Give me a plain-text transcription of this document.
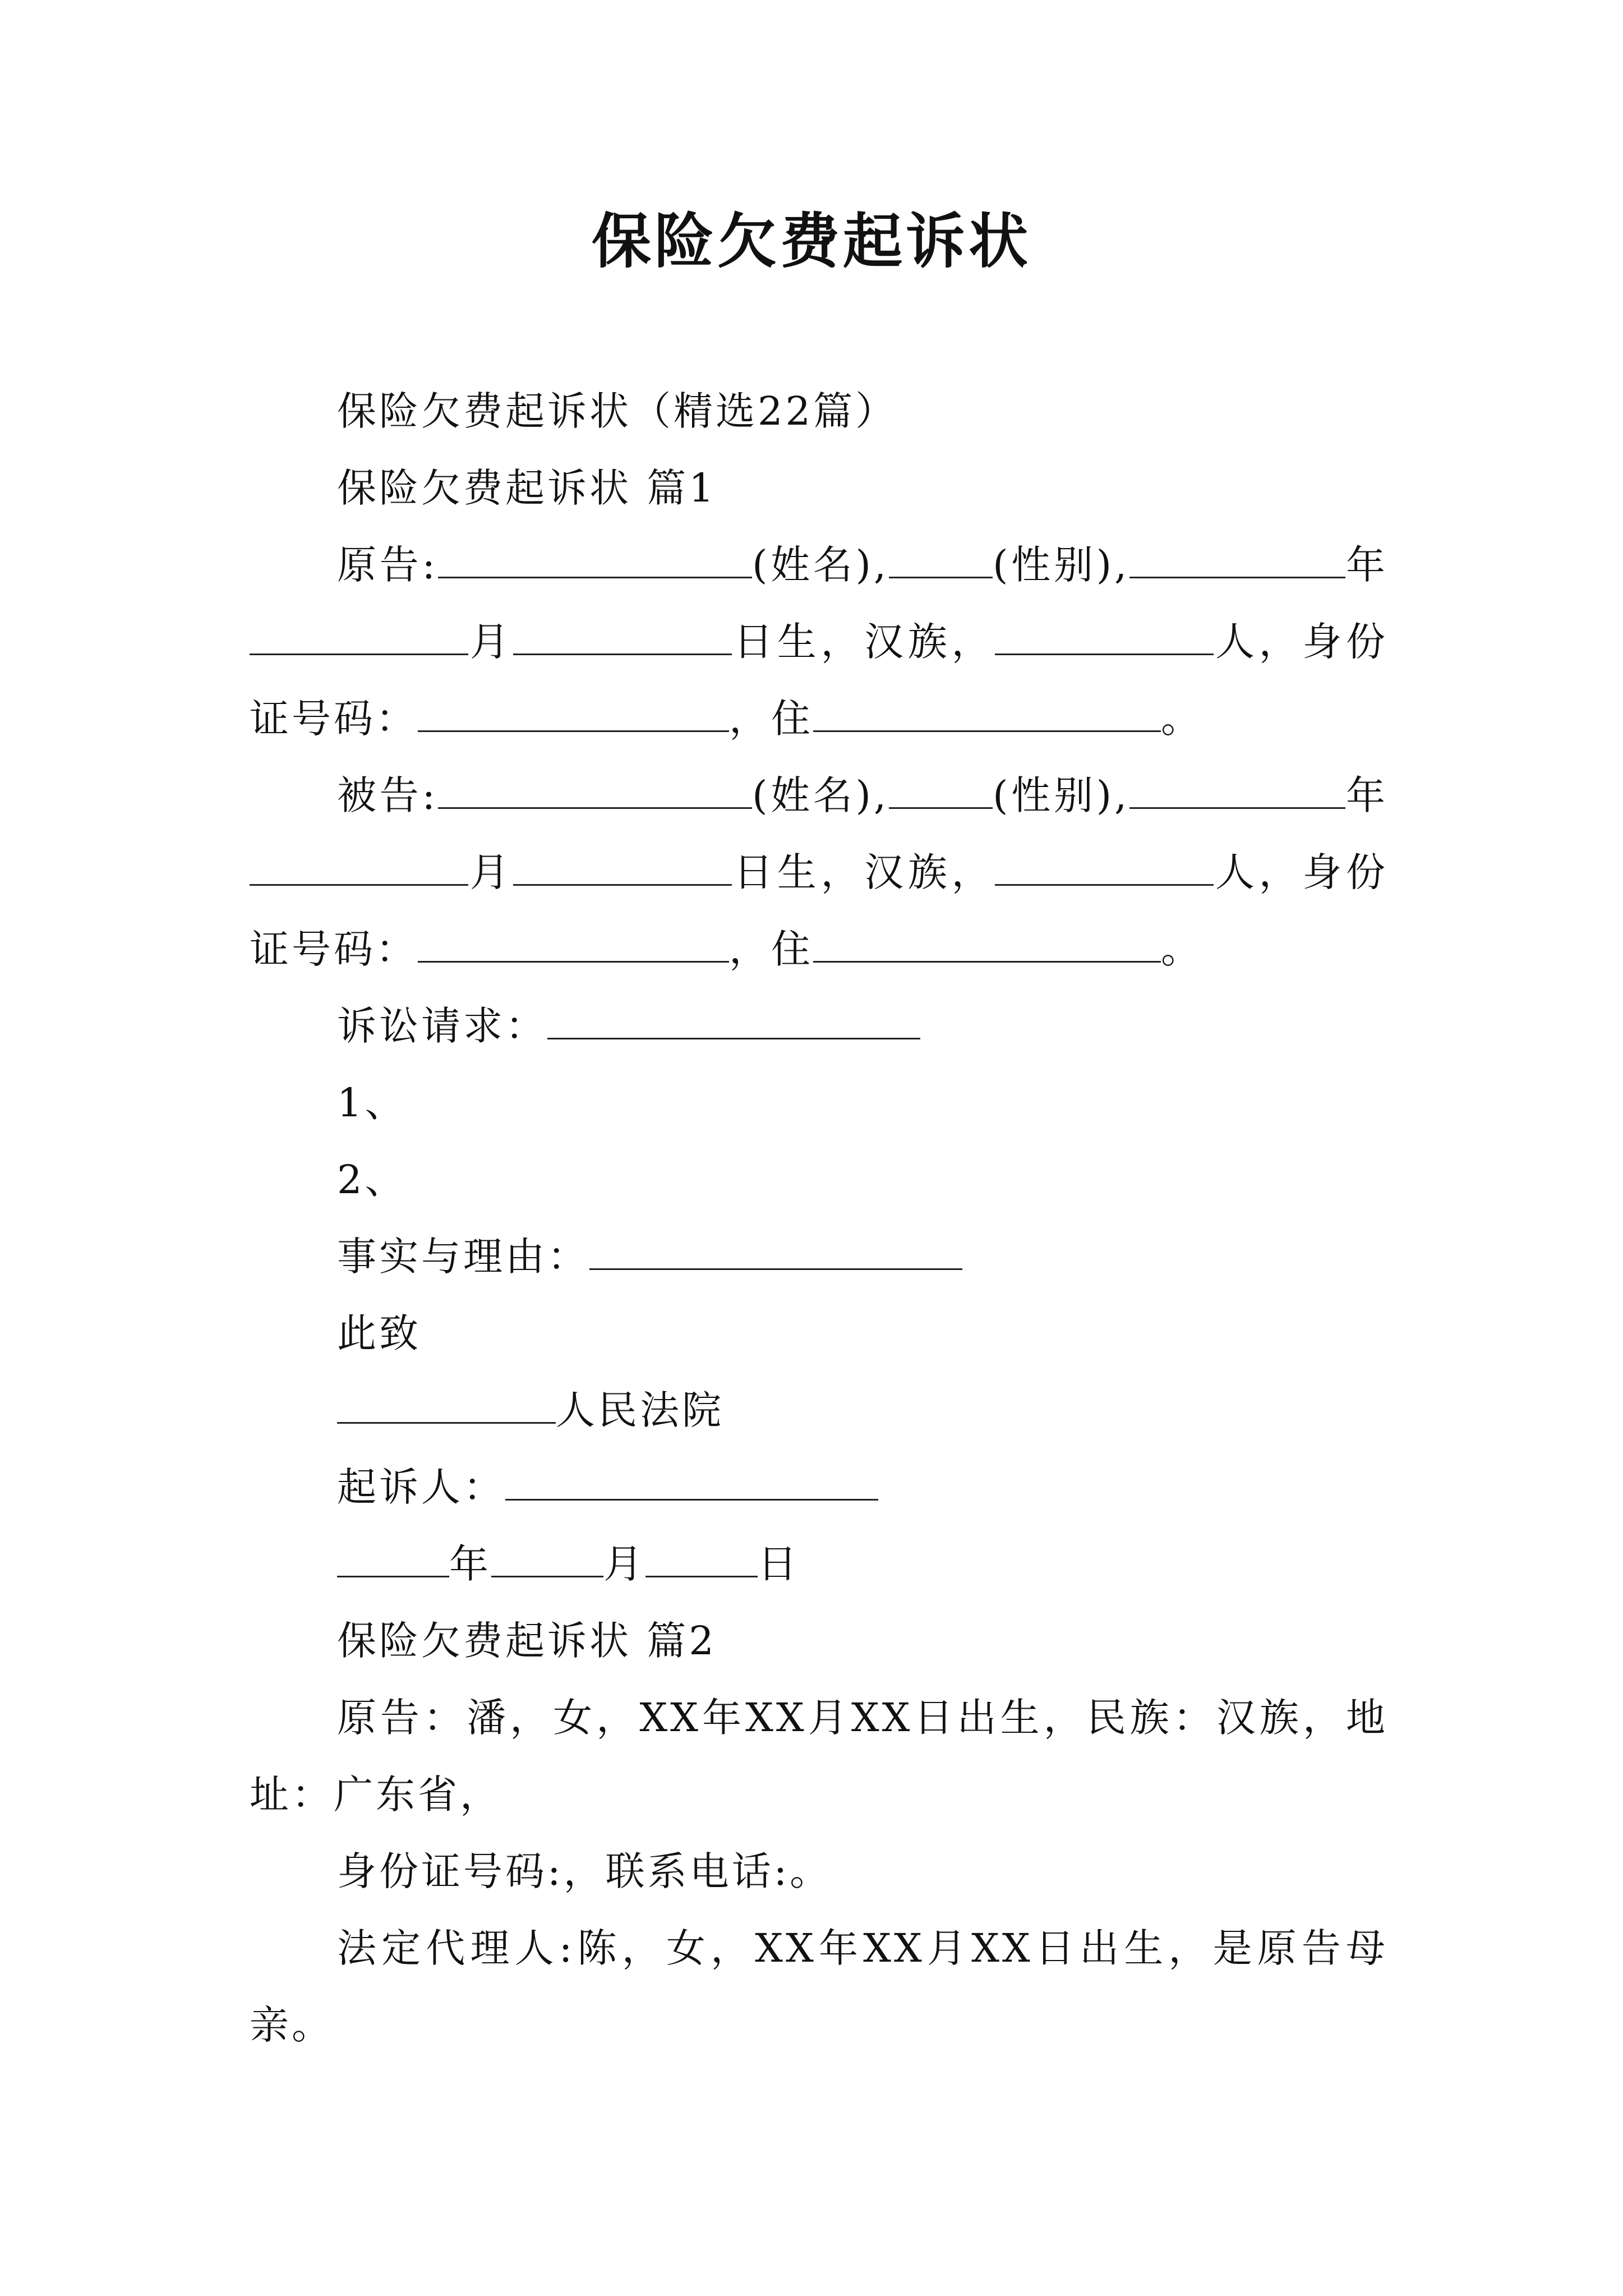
保险欠费起诉状

保险欠费起诉状（精选22篇）

保险欠费起诉状 篇1

原告:	(姓名),	(性别),	年月	日生，汉族，	人，身份证号码：	，住	。

被告:	(姓名),	(性别),	年月	日生，汉族，	人，身份证号码：	，住	。

诉讼请求：

1、

2、

事实与理由：

此致

人民法院

起诉人：

年	月	日

保险欠费起诉状 篇2

原告：潘，女，XX年XX月XX日出生，民族：汉族，地址：广东省，

身份证号码:，联系电话:。

法定代理人:陈，女，XX年XX月XX日出生，是原告母亲。
